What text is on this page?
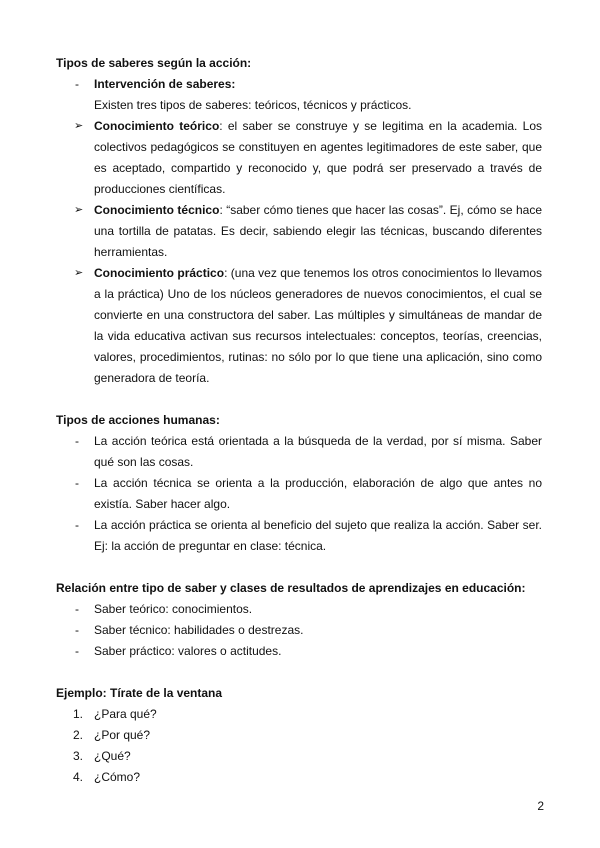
Tipos de saberes según la acción:
- Intervención de saberes:
Existen tres tipos de saberes: teóricos, técnicos y prácticos.
➢ Conocimiento teórico: el saber se construye y se legitima en la academia. Los colectivos pedagógicos se constituyen en agentes legitimadores de este saber, que es aceptado, compartido y reconocido y, que podrá ser preservado a través de producciones científicas.
➢ Conocimiento técnico: “saber cómo tienes que hacer las cosas”. Ej, cómo se hace una tortilla de patatas. Es decir, sabiendo elegir las técnicas, buscando diferentes herramientas.
➢ Conocimiento práctico: (una vez que tenemos los otros conocimientos lo llevamos a la práctica) Uno de los núcleos generadores de nuevos conocimientos, el cual se convierte en una constructora del saber. Las múltiples y simultáneas de mandar de la vida educativa activan sus recursos intelectuales: conceptos, teorías, creencias, valores, procedimientos, rutinas: no sólo por lo que tiene una aplicación, sino como generadora de teoría.
Tipos de acciones humanas:
- La acción teórica está orientada a la búsqueda de la verdad, por sí misma. Saber qué son las cosas.
- La acción técnica se orienta a la producción, elaboración de algo que antes no existía. Saber hacer algo.
- La acción práctica se orienta al beneficio del sujeto que realiza la acción. Saber ser. Ej: la acción de preguntar en clase: técnica.
Relación entre tipo de saber y clases de resultados de aprendizajes en educación:
- Saber teórico: conocimientos.
- Saber técnico: habilidades o destrezas.
- Saber práctico: valores o actitudes.
Ejemplo: Tírate de la ventana
1. ¿Para qué?
2. ¿Por qué?
3. ¿Qué?
4. ¿Cómo?
2
